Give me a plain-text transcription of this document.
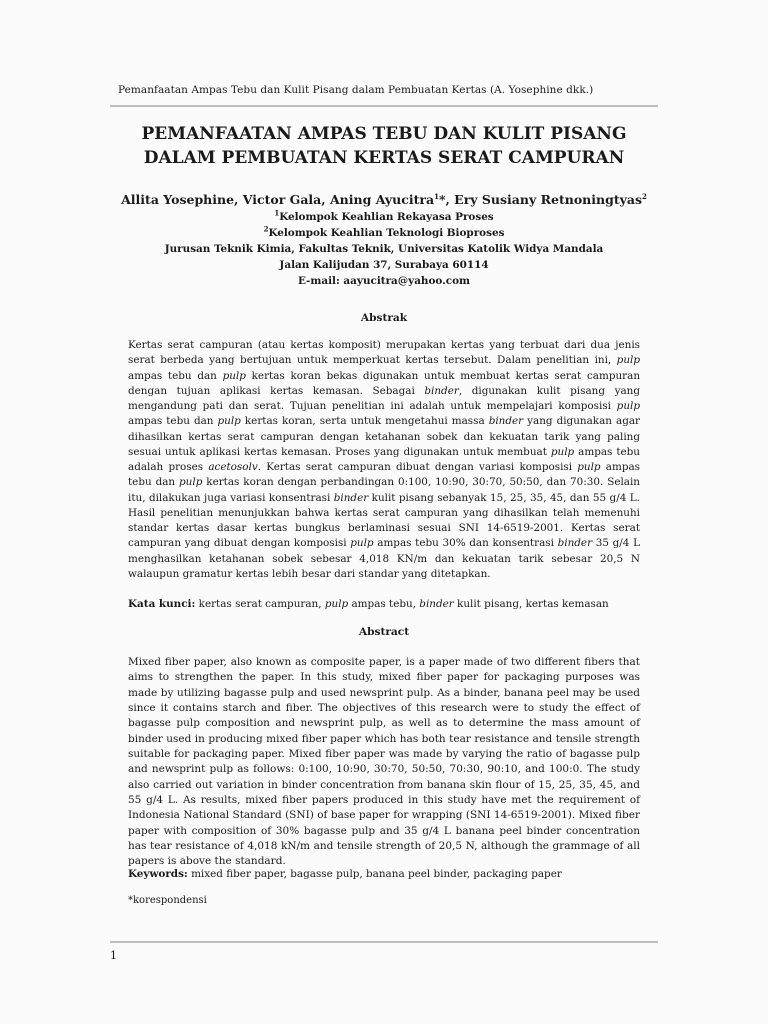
Pemanfaatan Ampas Tebu dan Kulit Pisang dalam Pembuatan Kertas (A. Yosephine dkk.)
PEMANFAATAN AMPAS TEBU DAN KULIT PISANG
DALAM PEMBUATAN KERTAS SERAT CAMPURAN
Allita Yosephine, Victor Gala, Aning Ayucitra$^1$*, Ery Susiany Retnoningtyas$^2$
$^1$Kelompok Keahlian Rekayasa Proses
$^2$Kelompok Keahlian Teknologi Bioproses
Jurusan Teknik Kimia, Fakultas Teknik, Universitas Katolik Widya Mandala
Jalan Kalijudan 37, Surabaya 60114
E-mail: aayucitra@yahoo.com
Abstrak
Kertas serat campuran (atau kertas komposit) merupakan kertas yang terbuat dari dua jenis serat berbeda yang bertujuan untuk memperkuat kertas tersebut. Dalam penelitian ini, pulp ampas tebu dan pulp kertas koran bekas digunakan untuk membuat kertas serat campuran dengan tujuan aplikasi kertas kemasan. Sebagai binder, digunakan kulit pisang yang mengandung pati dan serat. Tujuan penelitian ini adalah untuk mempelajari komposisi pulp ampas tebu dan pulp kertas koran, serta untuk mengetahui massa binder yang digunakan agar dihasilkan kertas serat campuran dengan ketahanan sobek dan kekuatan tarik yang paling sesuai untuk aplikasi kertas kemasan. Proses yang digunakan untuk membuat pulp ampas tebu adalah proses acetosolv. Kertas serat campuran dibuat dengan variasi komposisi pulp ampas tebu dan pulp kertas koran dengan perbandingan 0:100, 10:90, 30:70, 50:50, dan 70:30. Selain itu, dilakukan juga variasi konsentrasi binder kulit pisang sebanyak 15, 25, 35, 45, dan 55 g/4 L. Hasil penelitian menunjukkan bahwa kertas serat campuran yang dihasilkan telah memenuhi standar kertas dasar kertas bungkus berlaminasi sesuai SNI 14-6519-2001. Kertas serat campuran yang dibuat dengan komposisi pulp ampas tebu 30% dan konsentrasi binder 35 g/4 L menghasilkan ketahanan sobek sebesar 4,018 KN/m dan kekuatan tarik sebesar 20,5 N walaupun gramatur kertas lebih besar dari standar yang ditetapkan.
Kata kunci: kertas serat campuran, pulp ampas tebu, binder kulit pisang, kertas kemasan
Abstract
Mixed fiber paper, also known as composite paper, is a paper made of two different fibers that aims to strengthen the paper. In this study, mixed fiber paper for packaging purposes was made by utilizing bagasse pulp and used newsprint pulp. As a binder, banana peel may be used since it contains starch and fiber. The objectives of this research were to study the effect of bagasse pulp composition and newsprint pulp, as well as to determine the mass amount of binder used in producing mixed fiber paper which has both tear resistance and tensile strength suitable for packaging paper. Mixed fiber paper was made by varying the ratio of bagasse pulp and newsprint pulp as follows: 0:100, 10:90, 30:70, 50:50, 70:30, 90:10, and 100:0. The study also carried out variation in binder concentration from banana skin flour of 15, 25, 35, 45, and 55 g/4 L. As results, mixed fiber papers produced in this study have met the requirement of Indonesia National Standard (SNI) of base paper for wrapping (SNI 14-6519-2001). Mixed fiber paper with composition of 30% bagasse pulp and 35 g/4 L banana peel binder concentration has tear resistance of 4,018 kN/m and tensile strength of 20,5 N, although the grammage of all papers is above the standard.
Keywords: mixed fiber paper, bagasse pulp, banana peel binder, packaging paper
*korespondensi
1
